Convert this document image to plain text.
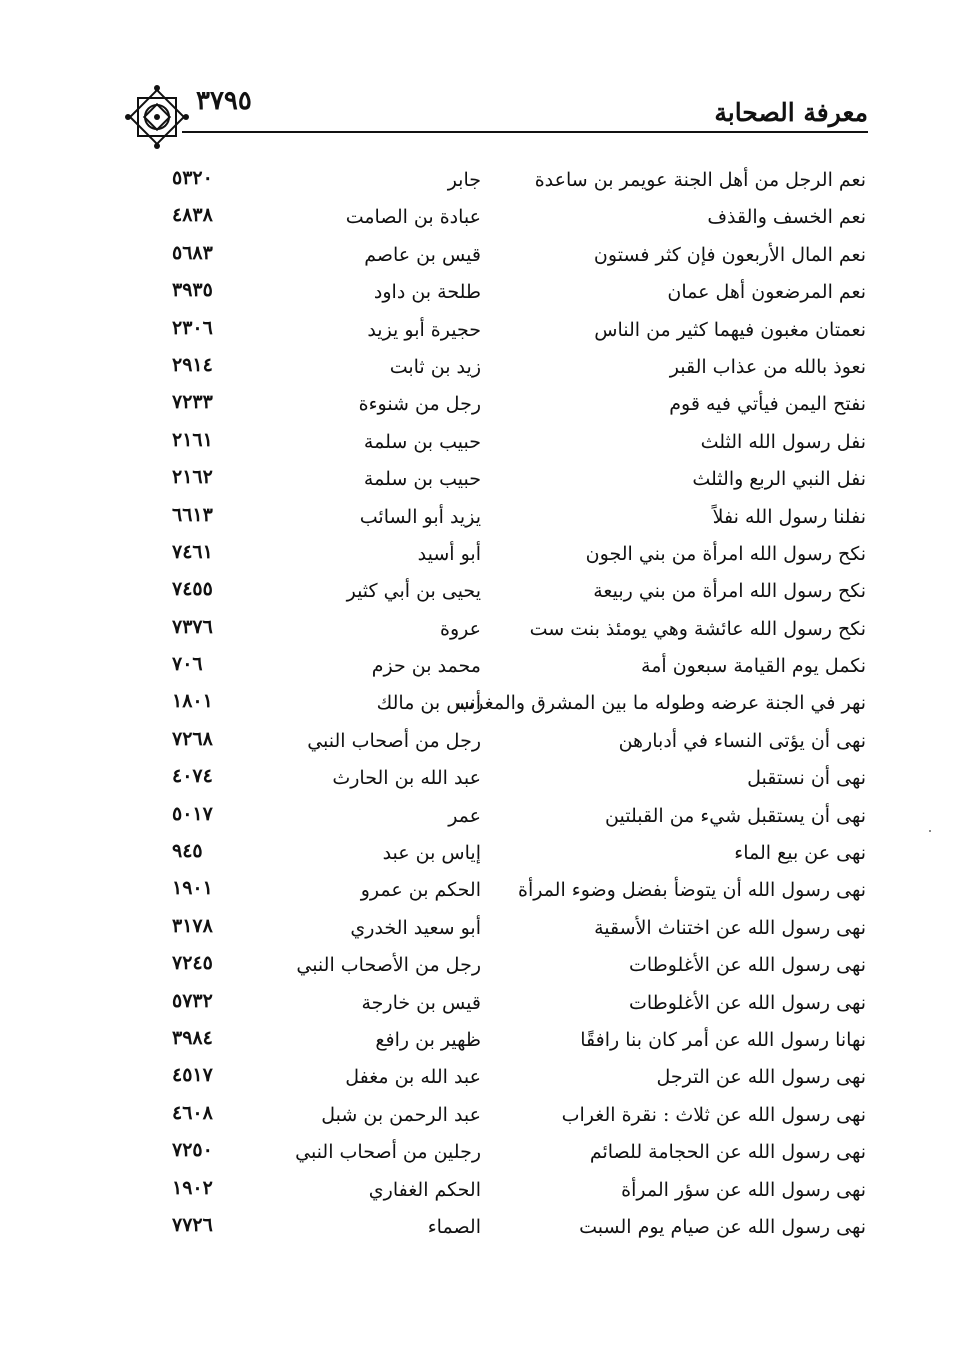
٣٧٩٥	معرفة الصحابة
نعم الرجل من أهل الجنة عويمر بن ساعدة
جابر
٥٣٢٠
نعم الخسف والقذف
عبادة بن الصامت
٤٨٣٨
نعم المال الأربعون فإن كثر فستون
قيس بن عاصم
٥٦٨٣
نعم المرضعون أهل عمان
طلحة بن داود
٣٩٣٥
نعمتان مغبون فيهما كثير من الناس
حجيرة أبو يزيد
٢٣٠٦
نعوذ بالله من عذاب القبر
زيد بن ثابت
٢٩١٤
نفتح اليمن فيأتي فيه قوم
رجل من شنوءة
٧٢٣٣
نفل رسول الله الثلث
حبيب بن سلمة
٢١٦١
نفل النبي الربع والثلث
حبيب بن سلمة
٢١٦٢
نفلنا رسول الله نفلاً
يزيد أبو السائب
٦٦١٣
نكح رسول الله امرأة من بني الجون
أبو أسيد
٧٤٦١
نكح رسول الله امرأة من بني ربيعة
يحيى بن أبي كثير
٧٤٥٥
نكح رسول الله عائشة وهي يومئذ بنت ست
عروة
٧٣٧٦
نكمل يوم القيامة سبعون أمة
محمد بن حزم
٧٠٦
نهر في الجنة عرضه وطوله ما بين المشرق والمغرب
أنس بن مالك
١٨٠١
نهى أن يؤتى النساء في أدبارهن
رجل من أصحاب النبي
٧٢٦٨
نهى أن نستقبل
عبد الله بن الحارث
٤٠٧٤
نهى أن يستقبل شيء من القبلتين
عمر
٥٠١٧
نهى عن بيع الماء
إياس بن عبد
٩٤٥
نهى رسول الله أن يتوضأ بفضل وضوء المرأة
الحكم بن عمرو
١٩٠١
نهى رسول الله عن اختناث الأسقية
أبو سعيد الخدري
٣١٧٨
نهى رسول الله عن الأغلوطات
رجل من الأصحاب النبي
٧٢٤٥
نهى رسول الله عن الأغلوطات
قيس بن خارجة
٥٧٣٢
نهانا رسول الله عن أمر كان بنا رافقًا
ظهير بن رافع
٣٩٨٤
نهى رسول الله عن الترجل
عبد الله بن مغفل
٤٥١٧
نهى رسول الله عن ثلاث : نقرة الغراب
عبد الرحمن بن شبل
٤٦٠٨
نهى رسول الله عن الحجامة للصائم
رجلين من أصحاب النبي
٧٢٥٠
نهى رسول الله عن سؤر المرأة
الحكم الغفاري
١٩٠٢
نهى رسول الله عن صيام يوم السبت
الصماء
٧٧٢٦
